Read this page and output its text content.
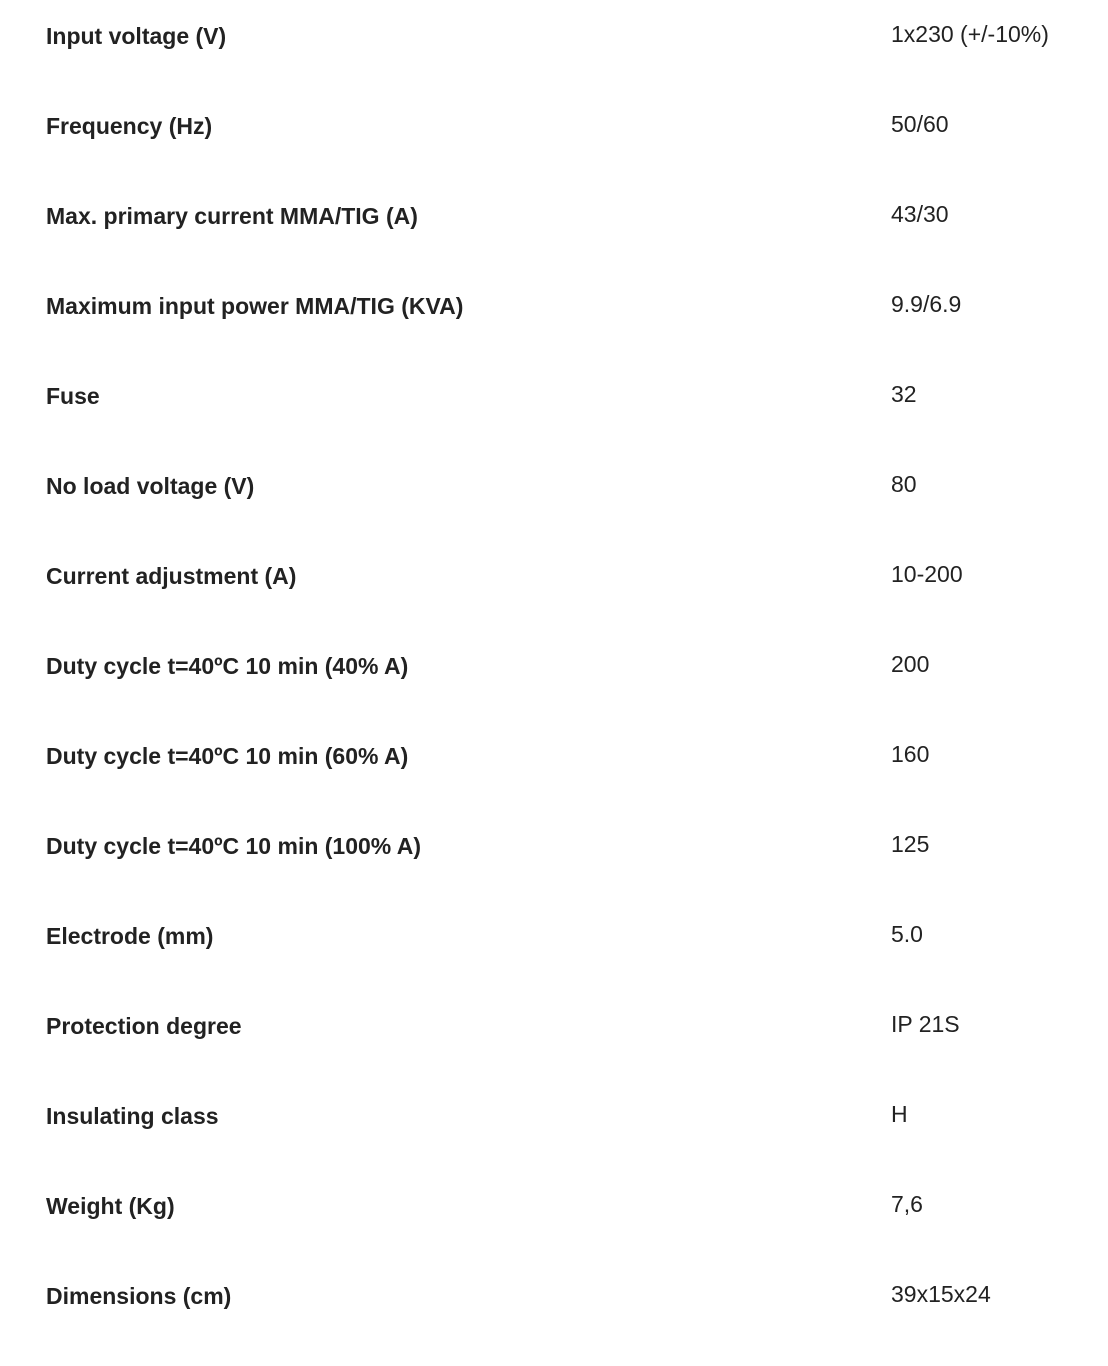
Input voltage (V)	1x230 (+/-10%)
Frequency (Hz)	50/60
Max. primary current MMA/TIG (A)	43/30
Maximum input power MMA/TIG (KVA)	9.9/6.9
Fuse	32
No load voltage (V)	80
Current adjustment (A)	10-200
Duty cycle t=40ºC 10 min (40% A)	200
Duty cycle t=40ºC 10 min (60% A)	160
Duty cycle t=40ºC 10 min (100% A)	125
Electrode (mm)	5.0
Protection degree	IP 21S
Insulating class	H
Weight (Kg)	7,6
Dimensions (cm)	39x15x24
